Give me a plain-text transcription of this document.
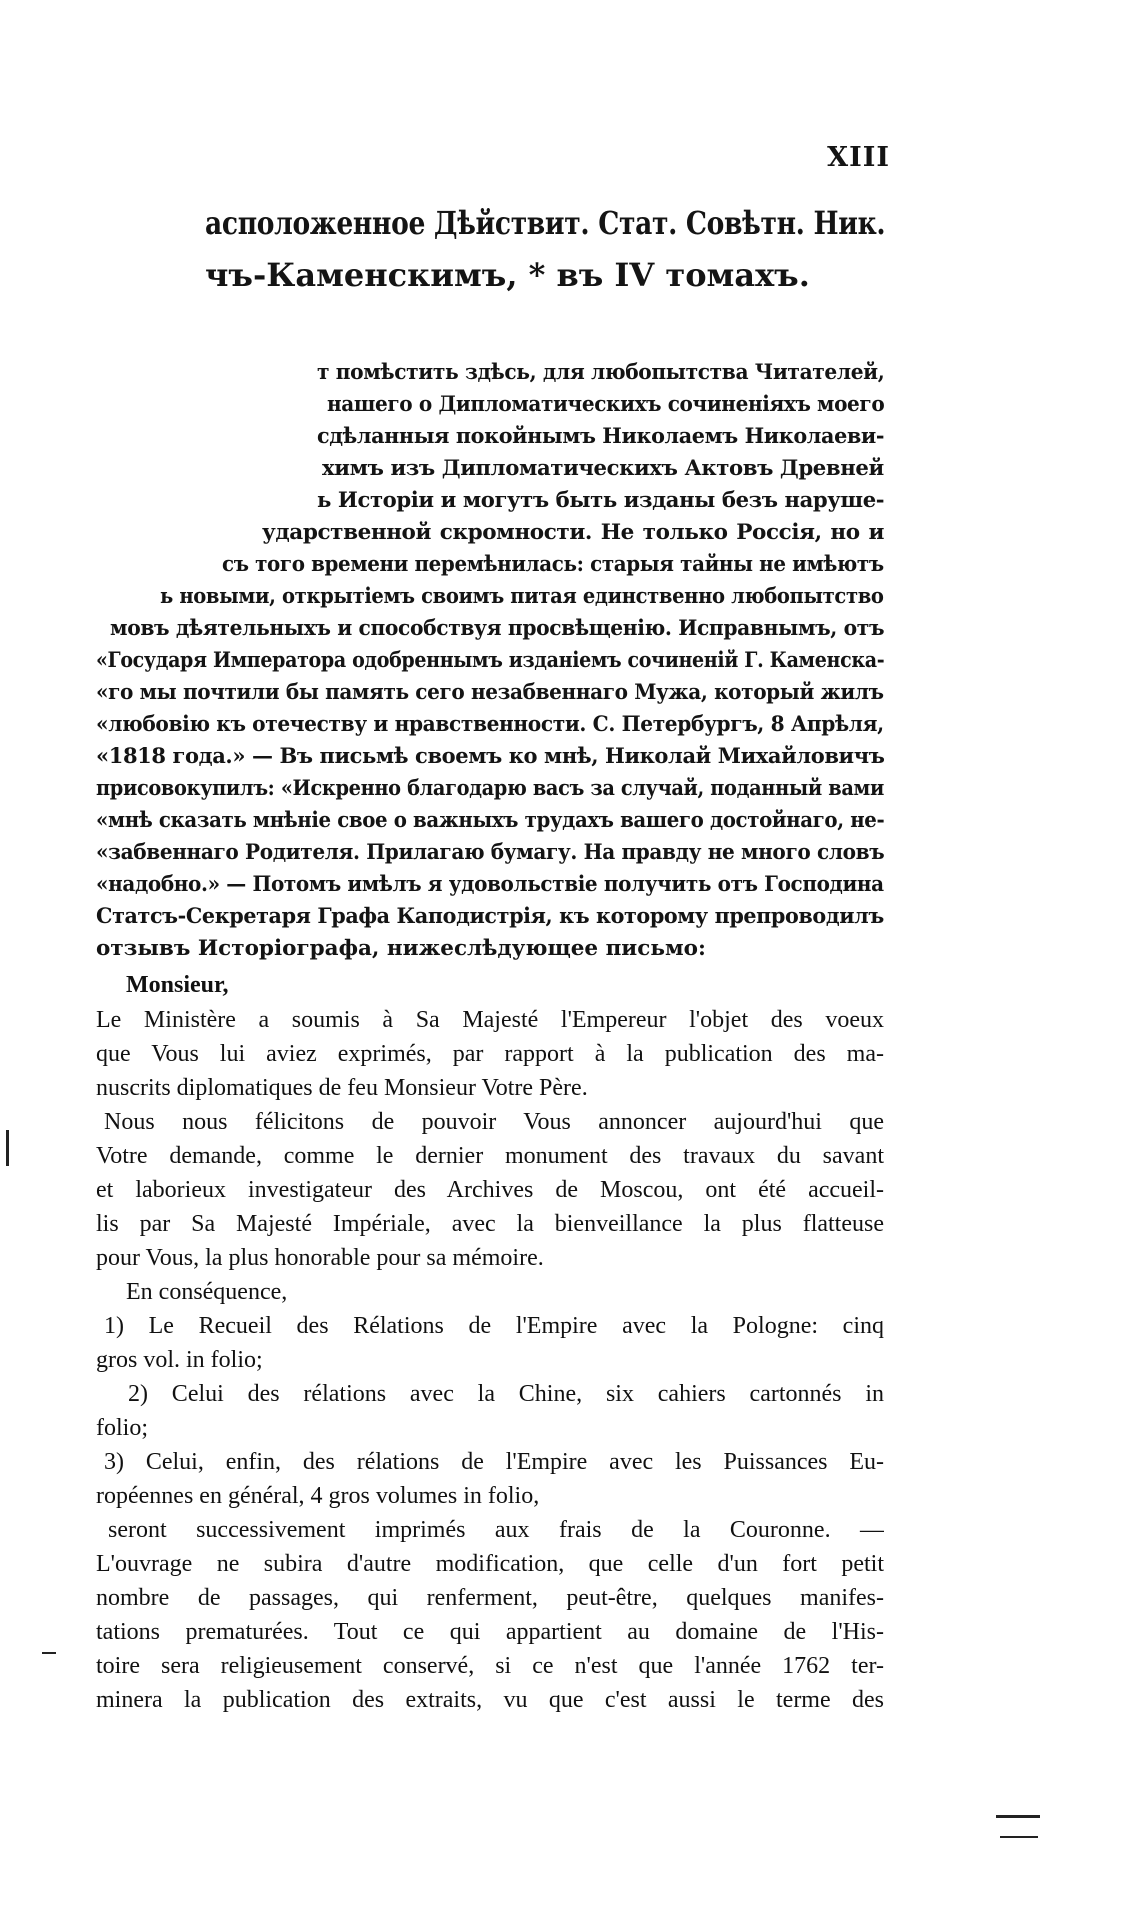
XIII
асположенное Дѣйствит. Стат. Совѣтн. Ник.
чъ-Каменскимъ, * въ IV томахъ.
т помѣстить здѣсь, для любопытства Читателей,
нашего о Дипломатическихъ сочиненiяхъ моего
сдѣланныя покойнымъ Николаемъ Николаеви-
химъ изъ Дипломатическихъ Актовъ Древней
ь Исторiи и могутъ быть изданы безъ нарушe-
ударственной скромности. Не только Россiя, но и
съ того времени перемѣнилась: старыя тайны не имѣютъ
ь новыми, открытiемъ своимъ питая единственно любопытство
мовъ дѣятельныхъ и способствуя просвѣщенiю. Исправнымъ, отъ
«Государя Императора одобреннымъ изданiемъ сочиненiй Г. Каменска-
«го мы почтили бы память сего незабвеннаго Мужа, который жилъ
«любовiю къ отечеству и нравственности. С. Петербургъ, 8 Апрѣля,
«1818 года.» — Въ письмѣ своемъ ко мнѣ, Николай Михайловичъ
присовокупилъ: «Искренно благодарю васъ за случай, поданный вами
«мнѣ сказать мнѣнiе свое о важныхъ трудахъ вашего достойнаго, не-
«забвеннаго Родителя. Прилагаю бумагу. На правду не много словъ
«надобно.» — Потомъ имѣлъ я удовольствiе получить отъ Господина
Статсъ-Секретаря Графа Каподистрiя, къ которому препроводилъ
отзывъ Исторiографа, нижеслѣдующее письмо:
Monsieur,
Le Ministère a soumis à Sa Majesté l'Empereur l'objet des voeux
que Vous lui aviez exprimés, par rapport à la publication des ma-
nuscrits diplomatiques de feu Monsieur Votre Père.
Nous nous félicitons de pouvoir Vous annoncer aujourd'hui que
Votre demande, comme le dernier monument des travaux du savant
et laborieux investigateur des Archives de Moscou, ont été accueil-
lis par Sa Majesté Impériale, avec la bienveillance la plus flatteuse
pour Vous, la plus honorable pour sa mémoire.
En conséquence,
1) Le Recueil des Rélations de l'Empire avec la Pologne: cinq
gros vol. in folio;
2) Celui des rélations avec la Chine, six cahiers cartonnés in
folio;
3) Celui, enfin, des rélations de l'Empire avec les Puissances Eu-
ropéennes en général, 4 gros volumes in folio,
seront successivement imprimés aux frais de la Couronne. —
L'ouvrage ne subira d'autre modification, que celle d'un fort petit
nombre de passages, qui renferment, peut-être, quelques manifes-
tations prematurées. Tout ce qui appartient au domaine de l'His-
toire sera religieusement conservé, si ce n'est que l'année 1762 ter-
minera la publication des extraits, vu que c'est aussi le terme des
